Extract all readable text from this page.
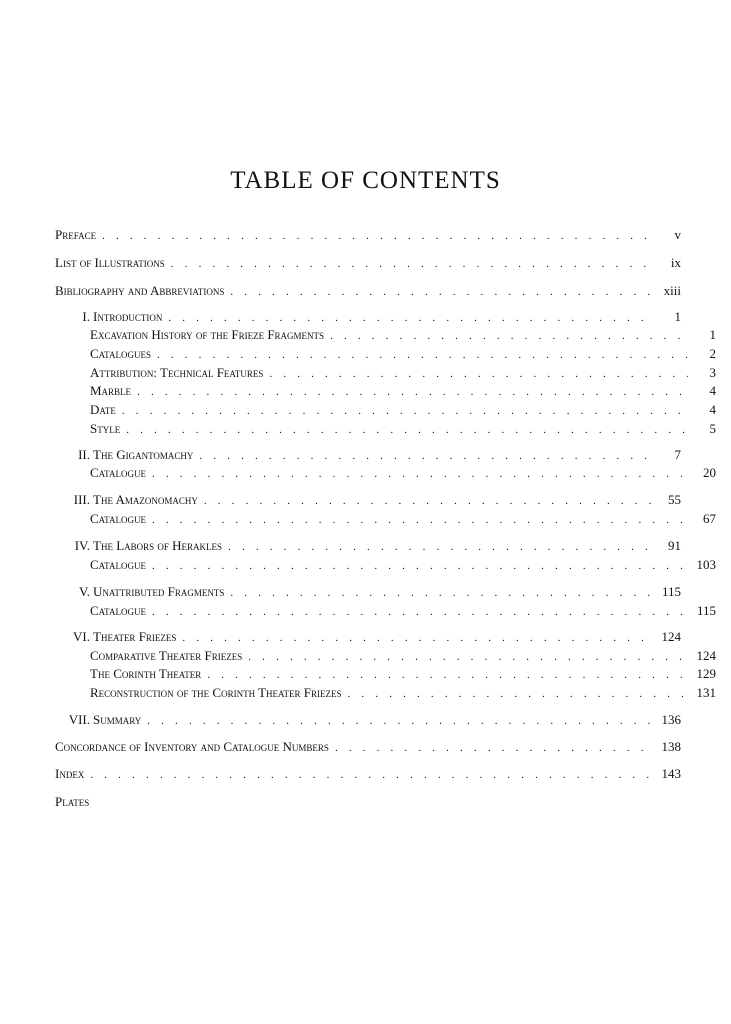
TABLE OF CONTENTS
Preface . . .	v
List of Illustrations . . .	ix
Bibliography and Abbreviations . . .	xiii
I. Introduction . . .	1
Excavation History of the Frieze Fragments . . .	1
Catalogues . . .	2
Attribution: Technical Features . . .	3
Marble . . .	4
Date . . .	4
Style . . .	5
II. The Gigantomachy . . .	7
Catalogue . . .	20
III. The Amazonomachy . . .	55
Catalogue . . .	67
IV. The Labors of Herakles . . .	91
Catalogue . . .	103
V. Unattributed Fragments . . .	115
Catalogue . . .	115
VI. Theater Friezes . . .	124
Comparative Theater Friezes . . .	124
The Corinth Theater . . .	129
Reconstruction of the Corinth Theater Friezes . . .	131
VII. Summary . . .	136
Concordance of Inventory and Catalogue Numbers . . .	138
Index . . .	143
Plates
